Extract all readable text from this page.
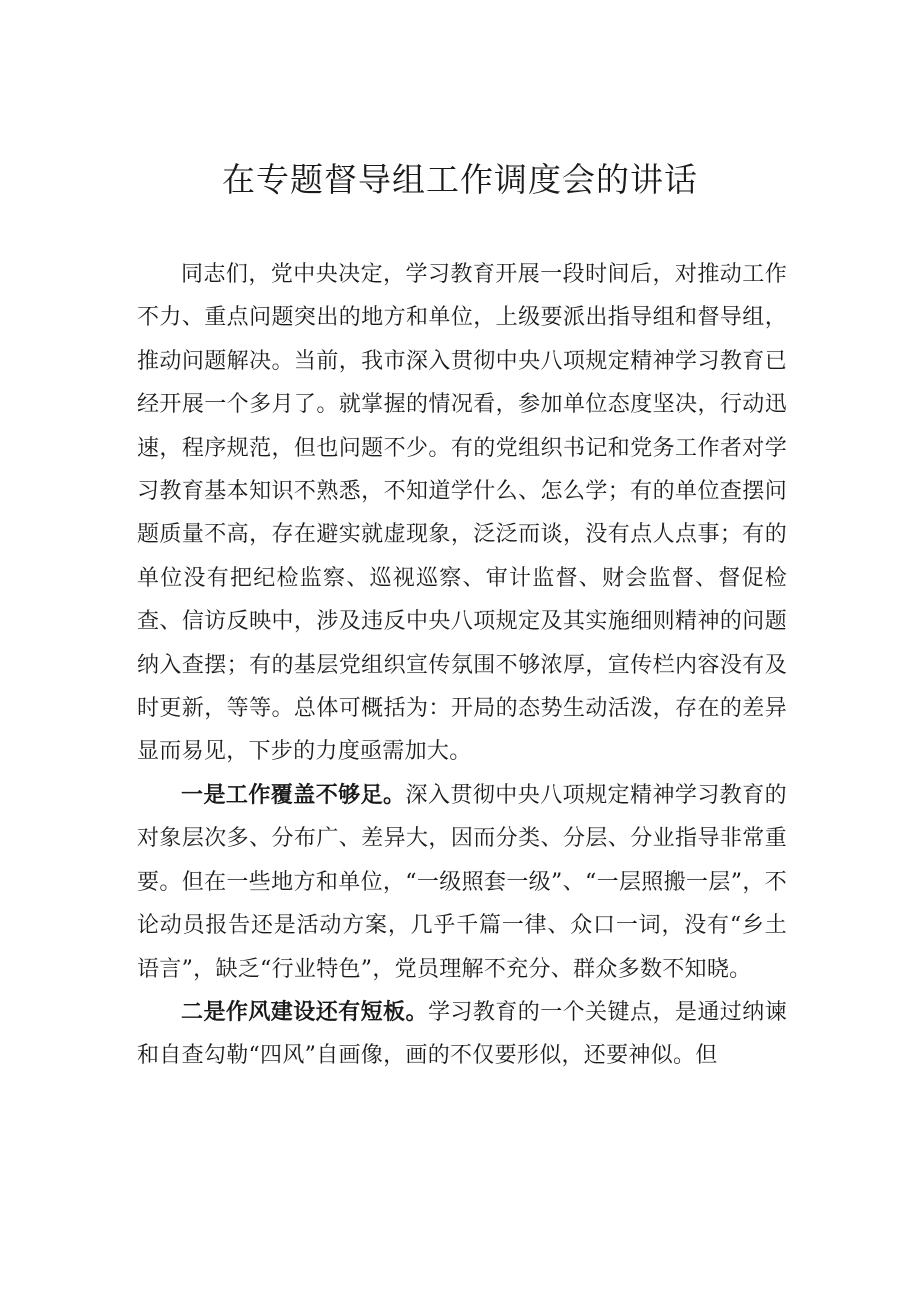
在专题督导组工作调度会的讲话

同志们，党中央决定，学习教育开展一段时间后，对推动工作不力、重点问题突出的地方和单位，上级要派出指导组和督导组，推动问题解决。当前，我市深入贯彻中央八项规定精神学习教育已经开展一个多月了。就掌握的情况看，参加单位态度坚决，行动迅速，程序规范，但也问题不少。有的党组织书记和党务工作者对学习教育基本知识不熟悉，不知道学什么、怎么学；有的单位查摆问题质量不高，存在避实就虚现象，泛泛而谈，没有点人点事；有的单位没有把纪检监察、巡视巡察、审计监督、财会监督、督促检查、信访反映中，涉及违反中央八项规定及其实施细则精神的问题纳入查摆；有的基层党组织宣传氛围不够浓厚，宣传栏内容没有及时更新，等等。总体可概括为：开局的态势生动活泼，存在的差异显而易见，下步的力度亟需加大。

一是工作覆盖不够足。深入贯彻中央八项规定精神学习教育的对象层次多、分布广、差异大，因而分类、分层、分业指导非常重要。但在一些地方和单位，“一级照套一级”、“一层照搬一层”，不论动员报告还是活动方案，几乎千篇一律、众口一词，没有“乡土语言”，缺乏“行业特色”，党员理解不充分、群众多数不知晓。

二是作风建设还有短板。学习教育的一个关键点，是通过纳谏和自查勾勒“四风”自画像，画的不仅要形似，还要神似。但
